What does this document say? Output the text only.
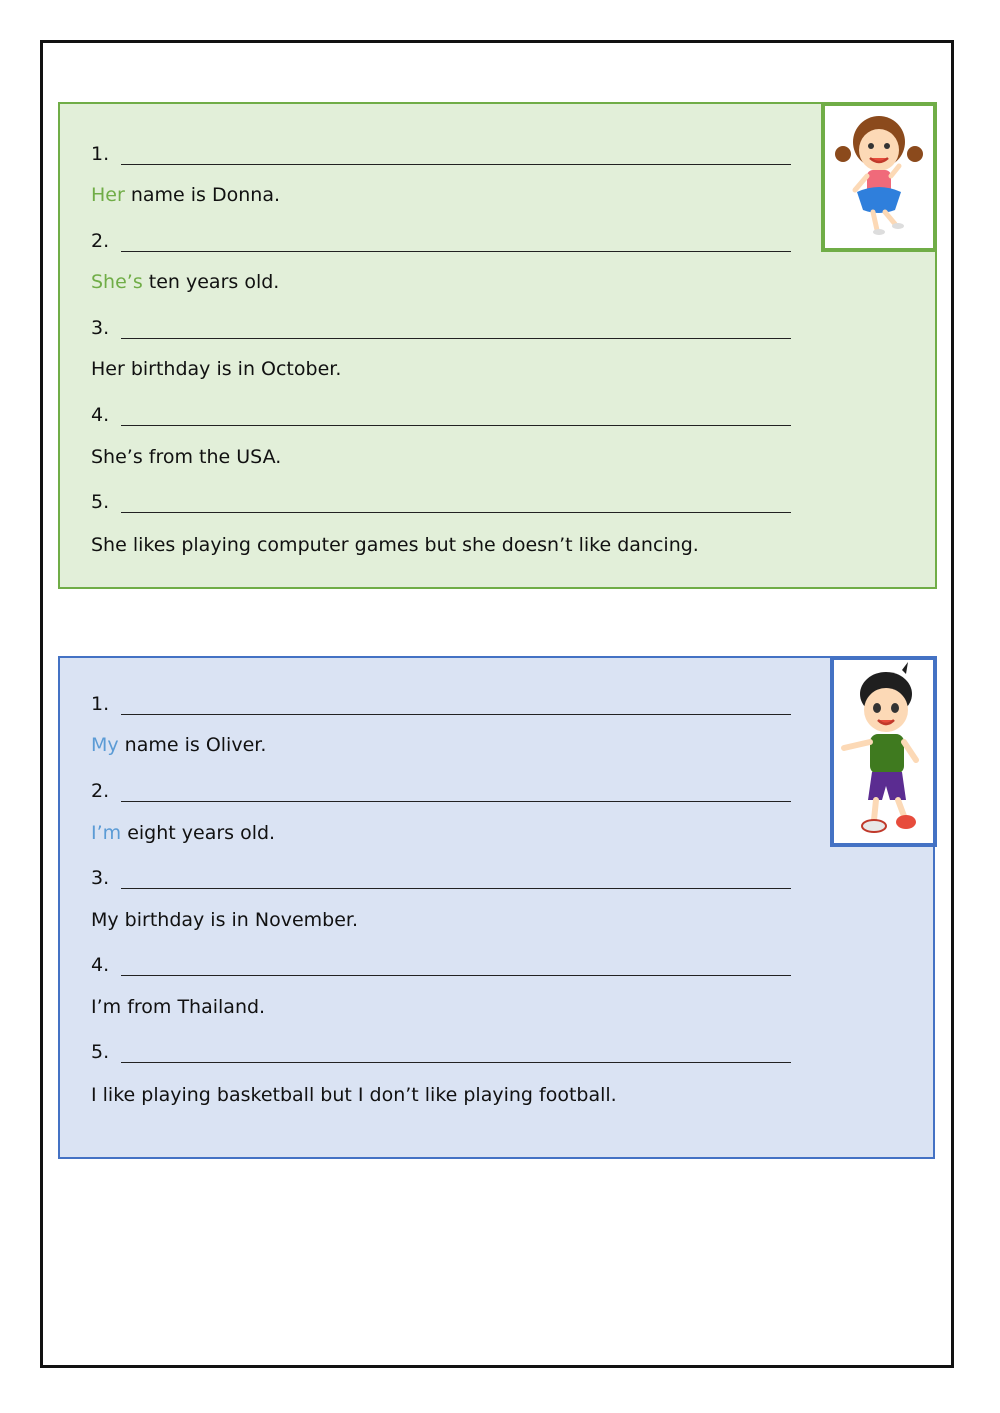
1.
Her name is Donna.
2.
She’s ten years old.
3.
Her birthday is in October.
4.
She’s from the USA.
5.
She likes playing computer games but she doesn’t like dancing.
1.
My name is Oliver.
2.
I’m eight years old.
3.
My birthday is in November.
4.
I’m from Thailand.
5.
I like playing basketball but I don’t like playing football.
